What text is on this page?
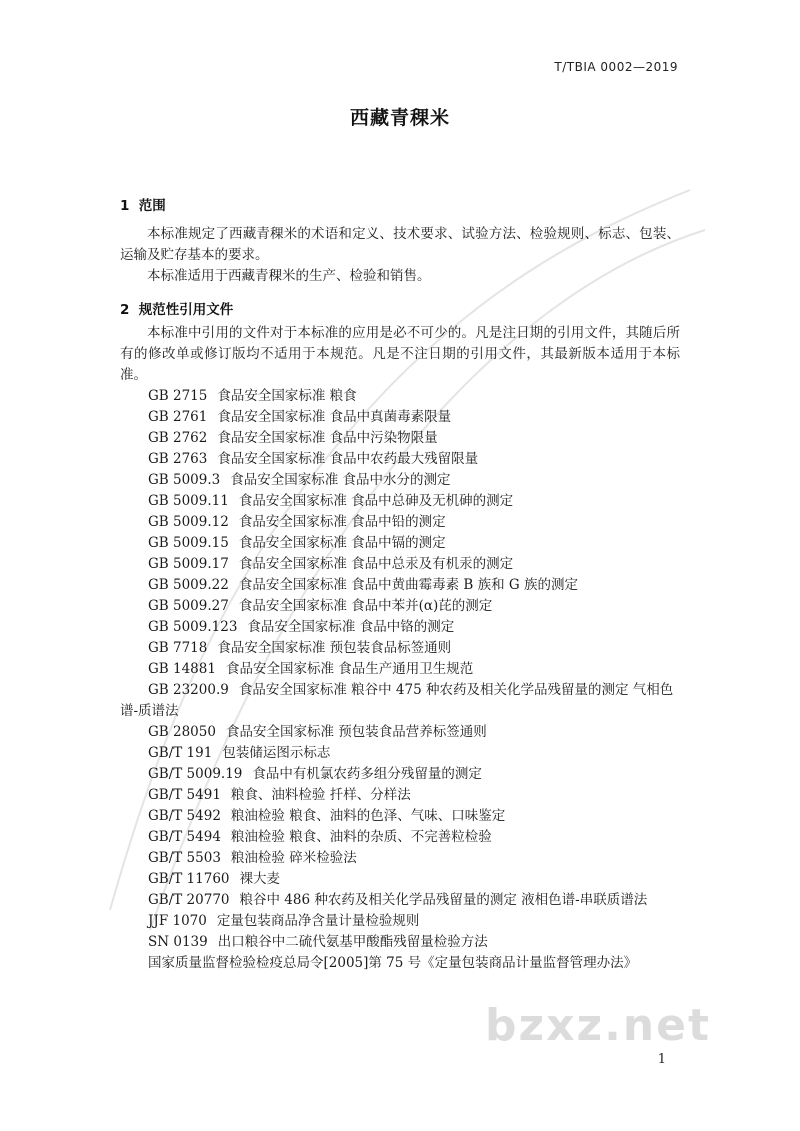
T/TBIA 0002—2019
西藏青稞米
1 范围

本标准规定了西藏青稞米的术语和定义、技术要求、试验方法、检验规则、标志、包装、运输及贮存基本的要求。

本标准适用于西藏青稞米的生产、检验和销售。

2 规范性引用文件

本标准中引用的文件对于本标准的应用是必不可少的。凡是注日期的引用文件，其随后所有的修改单或修订版均不适用于本规范。凡是不注日期的引用文件，其最新版本适用于本标准。

GB 2715 食品安全国家标准 粮食
GB 2761 食品安全国家标准 食品中真菌毒素限量
GB 2762 食品安全国家标准 食品中污染物限量
GB 2763 食品安全国家标准 食品中农药最大残留限量
GB 5009.3 食品安全国家标准 食品中水分的测定
GB 5009.11 食品安全国家标准 食品中总砷及无机砷的测定
GB 5009.12 食品安全国家标准 食品中铅的测定
GB 5009.15 食品安全国家标准 食品中镉的测定
GB 5009.17 食品安全国家标准 食品中总汞及有机汞的测定
GB 5009.22 食品安全国家标准 食品中黄曲霉毒素 B 族和 G 族的测定
GB 5009.27 食品安全国家标准 食品中苯并(α)芘的测定
GB 5009.123 食品安全国家标准 食品中铬的测定
GB 7718 食品安全国家标准 预包装食品标签通则
GB 14881 食品安全国家标准 食品生产通用卫生规范
GB 23200.9 食品安全国家标准 粮谷中 475 种农药及相关化学品残留量的测定 气相色谱-质谱法
GB 28050 食品安全国家标准 预包装食品营养标签通则
GB/T 191 包装储运图示标志
GB/T 5009.19 食品中有机氯农药多组分残留量的测定
GB/T 5491 粮食、油料检验 扦样、分样法
GB/T 5492 粮油检验 粮食、油料的色泽、气味、口味鉴定
GB/T 5494 粮油检验 粮食、油料的杂质、不完善粒检验
GB/T 5503 粮油检验 碎米检验法
GB/T 11760 裸大麦
GB/T 20770 粮谷中 486 种农药及相关化学品残留量的测定 液相色谱-串联质谱法
JJF 1070 定量包装商品净含量计量检验规则
SN 0139 出口粮谷中二硫代氨基甲酸酯残留量检验方法
国家质量监督检验检疫总局令[2005]第 75 号《定量包装商品计量监督管理办法》
bzxz.net
1
